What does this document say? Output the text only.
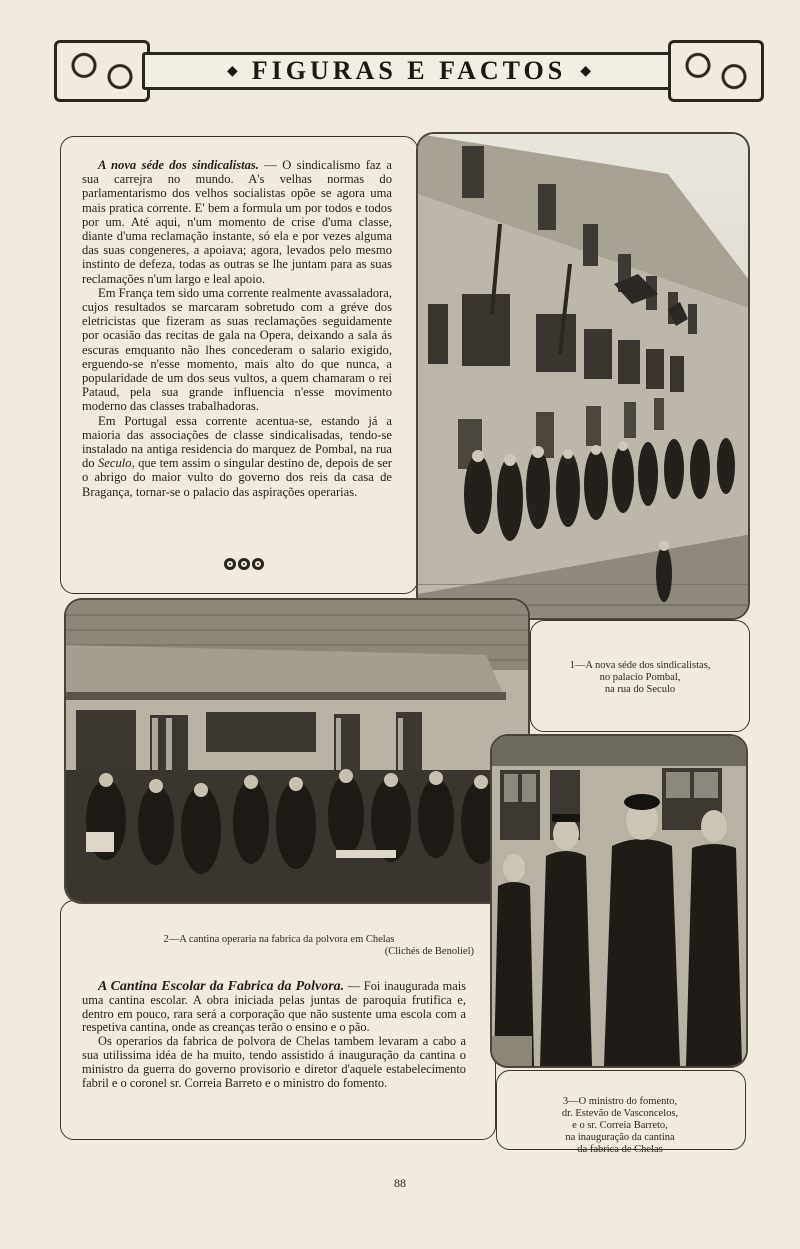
◆ FIGURAS E FACTOS ◆

A nova séde dos sindicalistas. — O sindicalismo faz a sua carrejra no mundo. A's velhas normas do parlamentarismo dos velhos socialistas opõe se agora uma mais pratica corrente. E' bem a formula um por todos e todos por um. Até aqui, n'um momento de crise d'uma classe, diante d'uma reclamação instante, só ela e por vezes alguma das suas congeneres, a apoiava; agora, levados pelo mesmo instinto de defeza, todas as outras se lhe juntam para as suas reclamações n'um largo e leal apoio.

Em França tem sido uma corrente realmente avassaladora, cujos resultados se marcaram sobretudo com a gréve dos eletricistas que fizeram as suas reclamações seguidamente por ocasião das recitas de gala na Opera, deixando a sala ás escuras emquanto não lhes concederam o salario exigido, erguendo-se n'esse momento, mais alto do que nunca, a popularidade de um dos seus vultos, a quem chamaram o rei Pataud, pela sua grande influencia n'esse movimento moderno das classes trabalhadoras.

Em Portugal essa corrente acentua-se, estando já a maioria das associações de classe sindicalisadas, tendo-se instalado na antiga residencia do marquez de Pombal, na rua do Seculo, que tem assim o singular destino de, depois de ser o abrigo do maior vulto do governo dos reis da casa de Bragança, tornar-se o palacio das aspirações operarias.

1—A nova séde dos sindicalistas,
no palacio Pombal,
na rua do Seculo
2—A cantina operaria na fabrica da polvora em Chelas
(Clichés de Benoliel)

A Cantina Escolar da Fabrica da Polvora. — Foi inaugurada mais uma cantina escolar. A obra iniciada pelas juntas de paroquia frutifica e, dentro em pouco, rara será a corporação que não sustente uma escola com a respetiva cantina, onde as creanças terão o ensino e o pão.

Os operarios da fabrica de polvora de Chelas tambem levaram a cabo a sua utilissima idéa de ha muito, tendo assistido á inauguração da cantina o ministro da guerra do governo provisorio e diretor d'aquele estabelecimento fabril e o coronel sr. Correia Barreto e o ministro do fomento.

3—O ministro do fomento,
dr. Estevão de Vasconcelos,
e o sr. Correia Barreto,
na inauguração da cantina
da fabrica de Chelas
88
